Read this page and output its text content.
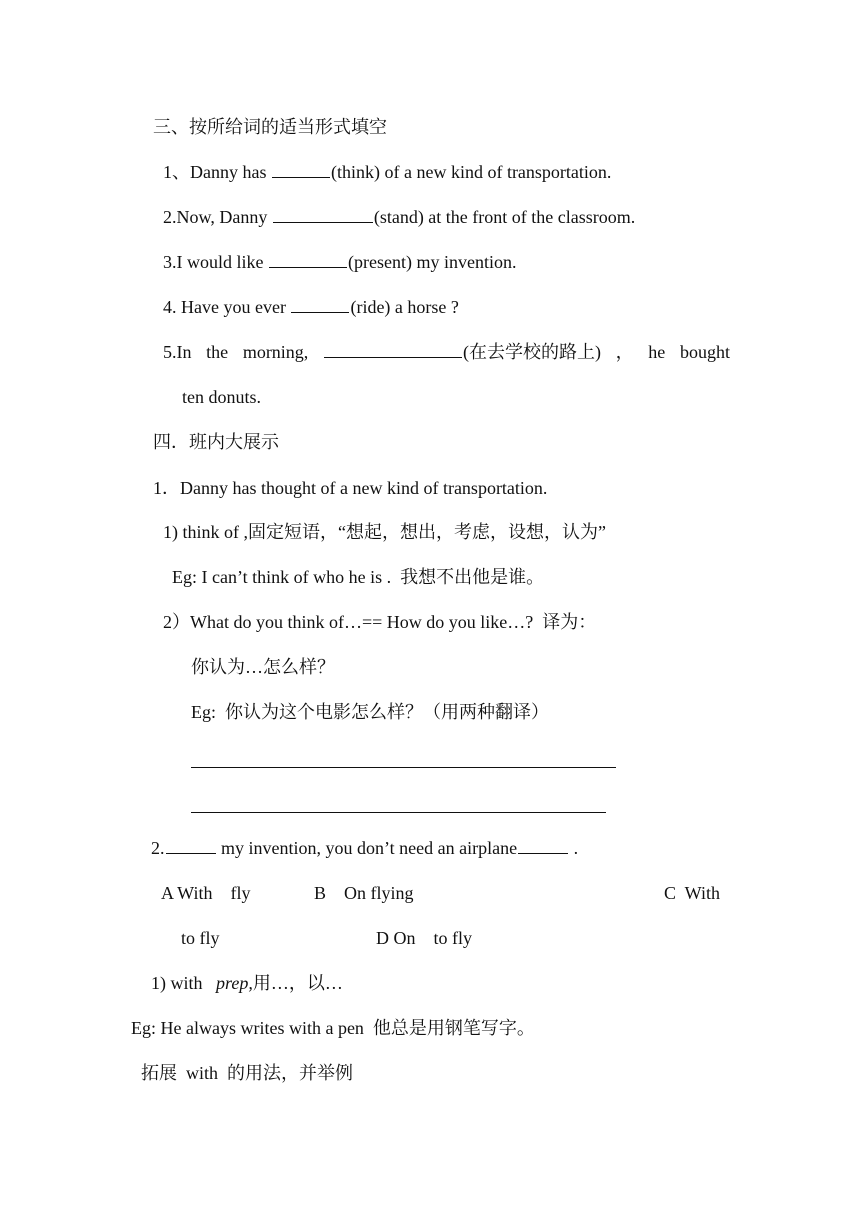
三、按所给词的适当形式填空
1、Danny has	(think) of a new kind of transportation.
2.Now, Danny	(stand) at the front of the classroom.
3.I would like	(present) my invention.
4. Have you ever	(ride) a horse ?
5.In the morning,	(在去学校的路上) ， he bought
ten donuts.
四．班内大展示
1．Danny has thought of a new kind of transportation.
1) think of ,固定短语，“想起，想出，考虑，设想，认为”
Eg: I can’t think of who he is .  我想不出他是谁。
2）What do you think of…== How do you like…?  译为：
你认为…怎么样？
Eg:  你认为这个电影怎么样？（用两种翻译）
2.	my invention, you don’t need an airplane	.
A With    fly	B    On flying	C  With
to fly	D On    to fly
1) with   prep,用…，以…
Eg: He always writes with a pen  他总是用钢笔写字。
拓展  with  的用法，并举例
